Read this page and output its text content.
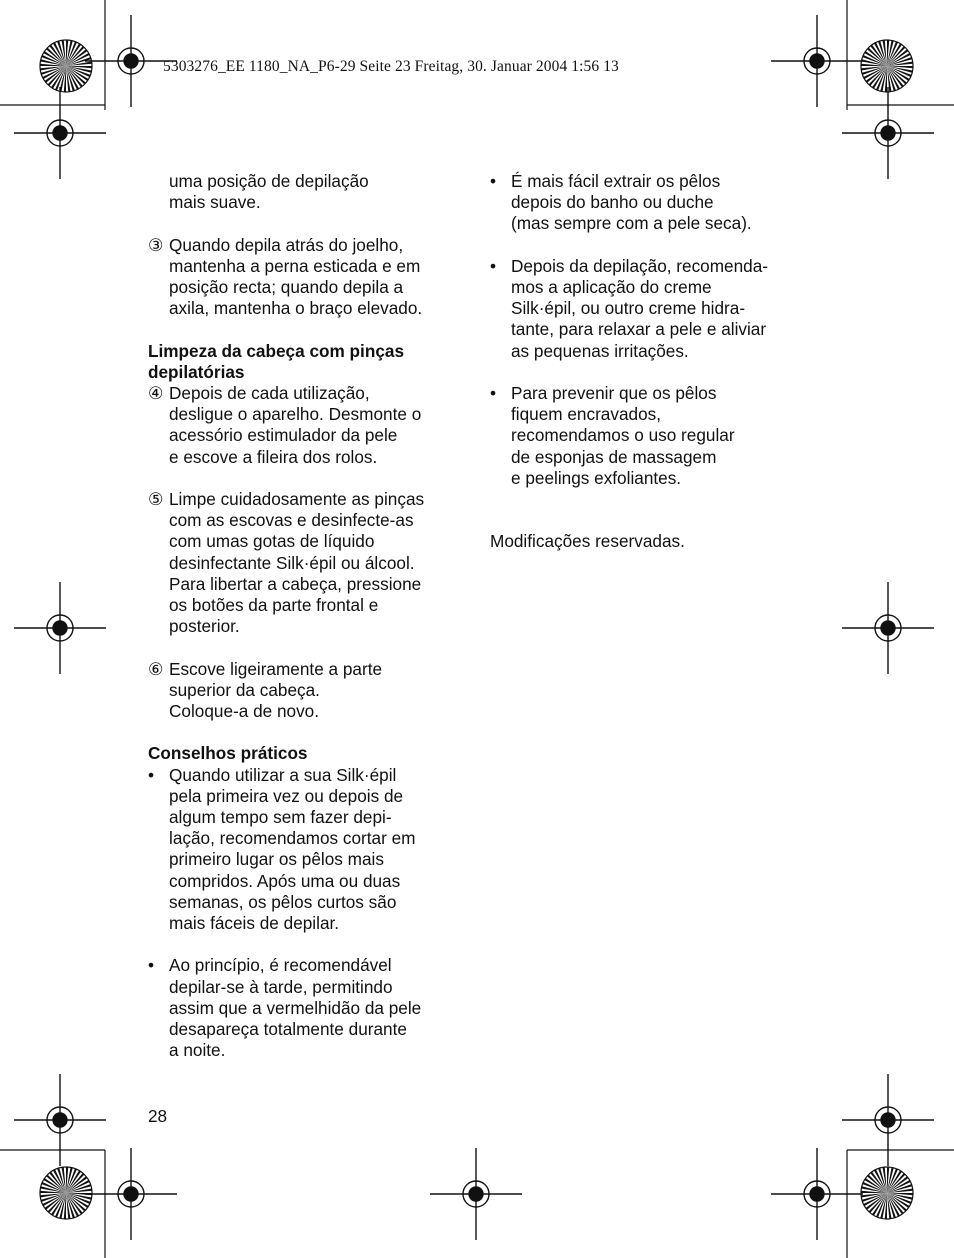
5303276_EE 1180_NA_P6-29 Seite 23 Freitag, 30. Januar 2004 1:56 13
uma posição de depilação
mais suave.
③ Quando depila atrás do joelho,
mantenha a perna esticada e em
posição recta; quando depila a
axila, mantenha o braço elevado.
Limpeza da cabeça com pinças
depilatórias
④ Depois de cada utilização,
desligue o aparelho. Desmonte o
acessório estimulador da pele
e escove a fileira dos rolos.
⑤ Limpe cuidadosamente as pinças
com as escovas e desinfecte-as
com umas gotas de líquido
desinfectante Silk·épil ou álcool.
Para libertar a cabeça, pressione
os botões da parte frontal e
posterior.
⑥ Escove ligeiramente a parte
superior da cabeça.
Coloque-a de novo.
Conselhos práticos
• Quando utilizar a sua Silk·épil
pela primeira vez ou depois de
algum tempo sem fazer depi-
lação, recomendamos cortar em
primeiro lugar os pêlos mais
compridos. Após uma ou duas
semanas, os pêlos curtos são
mais fáceis de depilar.
• Ao princípio, é recomendável
depilar-se à tarde, permitindo
assim que a vermelhidão da pele
desapareça totalmente durante
a noite.
• É mais fácil extrair os pêlos
depois do banho ou duche
(mas sempre com a pele seca).
• Depois da depilação, recomenda-
mos a aplicação do creme
Silk·épil, ou outro creme hidra-
tante, para relaxar a pele e aliviar
as pequenas irritações.
• Para prevenir que os pêlos
fiquem encravados,
recomendamos o uso regular
de esponjas de massagem
e peelings exfoliantes.
Modificações reservadas.
28
